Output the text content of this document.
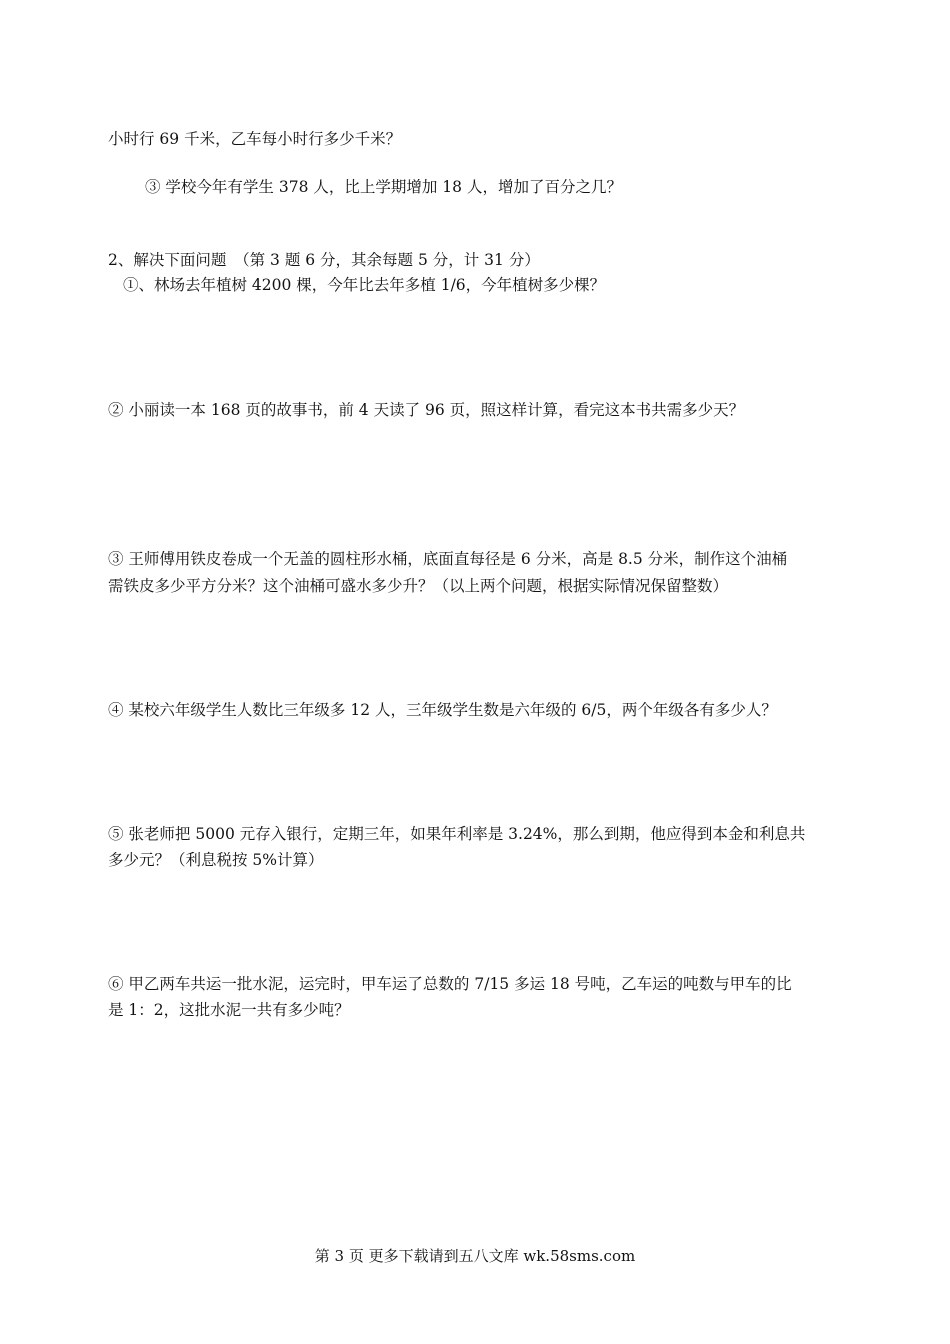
小时行 69 千米，乙车每小时行多少千米？
③ 学校今年有学生 378 人，比上学期增加 18 人，增加了百分之几？
2、解决下面问题　（第 3 题 6 分，其余每题 5 分，计 31 分）
①、林场去年植树 4200 棵，今年比去年多植 1/6，今年植树多少棵？
② 小丽读一本 168 页的故事书，前 4 天读了 96 页，照这样计算，看完这本书共需多少天？
③ 王师傅用铁皮卷成一个无盖的圆柱形水桶，底面直每径是 6 分米，高是 8.5 分米，制作这个油桶
需铁皮多少平方分米？这个油桶可盛水多少升？（以上两个问题，根据实际情况保留整数）
④ 某校六年级学生人数比三年级多 12 人，三年级学生数是六年级的 6/5，两个年级各有多少人？
⑤ 张老师把 5000 元存入银行，定期三年，如果年利率是 3.24%，那么到期，他应得到本金和利息共
多少元？（利息税按 5%计算）
⑥ 甲乙两车共运一批水泥，运完时，甲车运了总数的 7/15 多运 18 号吨，乙车运的吨数与甲车的比
是 1：2，这批水泥一共有多少吨？
第 3 页 更多下载请到五八文库 wk.58sms.com
